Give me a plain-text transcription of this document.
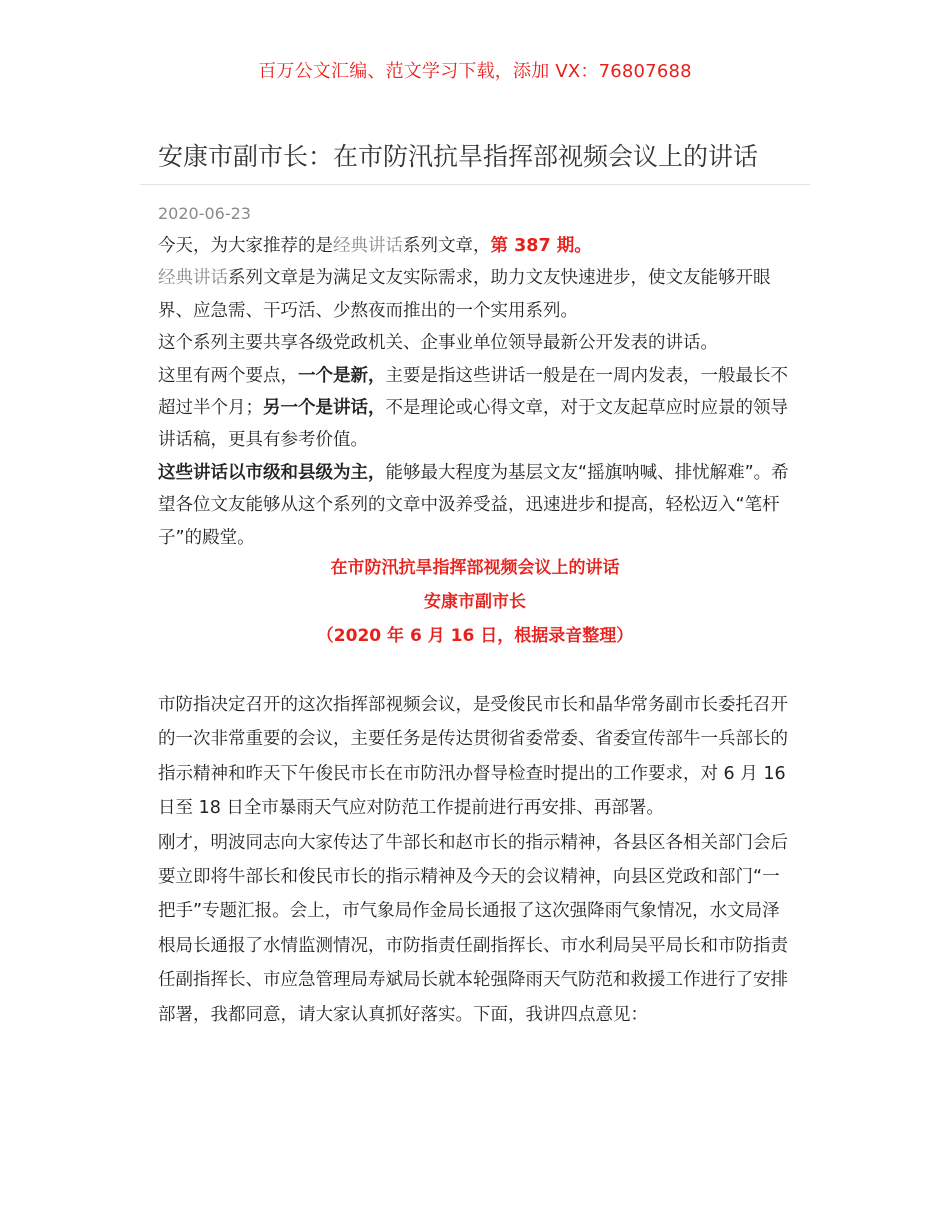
百万公文汇编、范文学习下载，添加 VX：76807688
安康市副市长：在市防汛抗旱指挥部视频会议上的讲话
2020-06-23

今天，为大家推荐的是经典讲话系列文章，第 387 期。

经典讲话系列文章是为满足文友实际需求，助力文友快速进步，使文友能够开眼界、应急需、干巧活、少熬夜而推出的一个实用系列。

这个系列主要共享各级党政机关、企事业单位领导最新公开发表的讲话。

这里有两个要点，一个是新，主要是指这些讲话一般是在一周内发表，一般最长不超过半个月；另一个是讲话，不是理论或心得文章，对于文友起草应时应景的领导讲话稿，更具有参考价值。

这些讲话以市级和县级为主，能够最大程度为基层文友“摇旗呐喊、排忧解难”。希望各位文友能够从这个系列的文章中汲养受益，迅速进步和提高，轻松迈入“笔杆子”的殿堂。

在市防汛抗旱指挥部视频会议上的讲话

安康市副市长

（2020 年 6 月 16 日，根据录音整理）

市防指决定召开的这次指挥部视频会议，是受俊民市长和晶华常务副市长委托召开的一次非常重要的会议，主要任务是传达贯彻省委常委、省委宣传部牛一兵部长的指示精神和昨天下午俊民市长在市防汛办督导检查时提出的工作要求，对 6 月 16 日至 18 日全市暴雨天气应对防范工作提前进行再安排、再部署。

刚才，明波同志向大家传达了牛部长和赵市长的指示精神，各县区各相关部门会后要立即将牛部长和俊民市长的指示精神及今天的会议精神，向县区党政和部门“一把手”专题汇报。会上，市气象局作金局长通报了这次强降雨气象情况，水文局泽根局长通报了水情监测情况，市防指责任副指挥长、市水利局吴平局长和市防指责任副指挥长、市应急管理局寿斌局长就本轮强降雨天气防范和救援工作进行了安排部署，我都同意，请大家认真抓好落实。下面，我讲四点意见：
